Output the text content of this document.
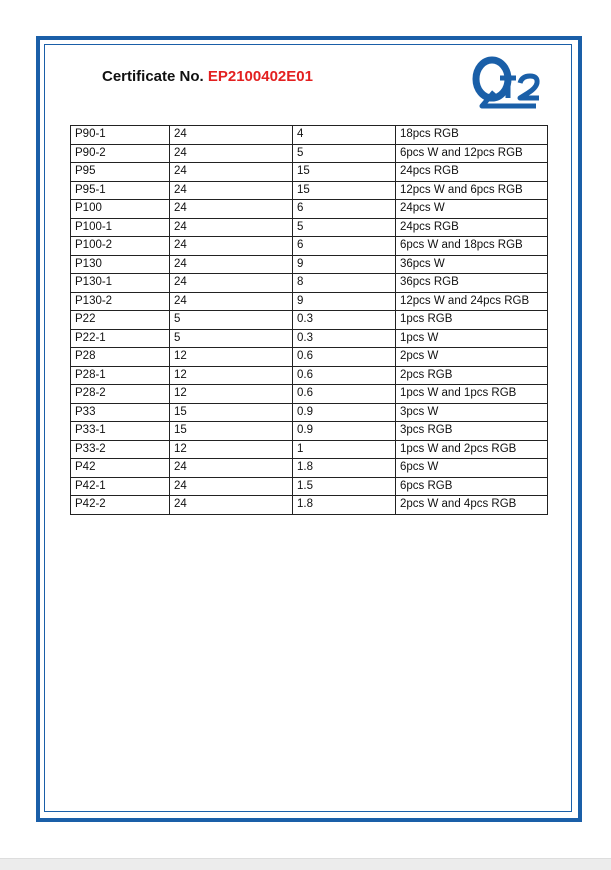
Certificate No. EP2100402E01
P90-1	24	4	18pcs RGB
P90-2	24	5	6pcs W and 12pcs RGB
P95	24	15	24pcs RGB
P95-1	24	15	12pcs W and 6pcs RGB
P100	24	6	24pcs W
P100-1	24	5	24pcs RGB
P100-2	24	6	6pcs W and 18pcs RGB
P130	24	9	36pcs W
P130-1	24	8	36pcs RGB
P130-2	24	9	12pcs W and 24pcs RGB
P22	5	0.3	1pcs RGB
P22-1	5	0.3	1pcs W
P28	12	0.6	2pcs W
P28-1	12	0.6	2pcs RGB
P28-2	12	0.6	1pcs W and 1pcs RGB
P33	15	0.9	3pcs W
P33-1	15	0.9	3pcs RGB
P33-2	12	1	1pcs W and 2pcs RGB
P42	24	1.8	6pcs W
P42-1	24	1.5	6pcs RGB
P42-2	24	1.8	2pcs W and 4pcs RGB
